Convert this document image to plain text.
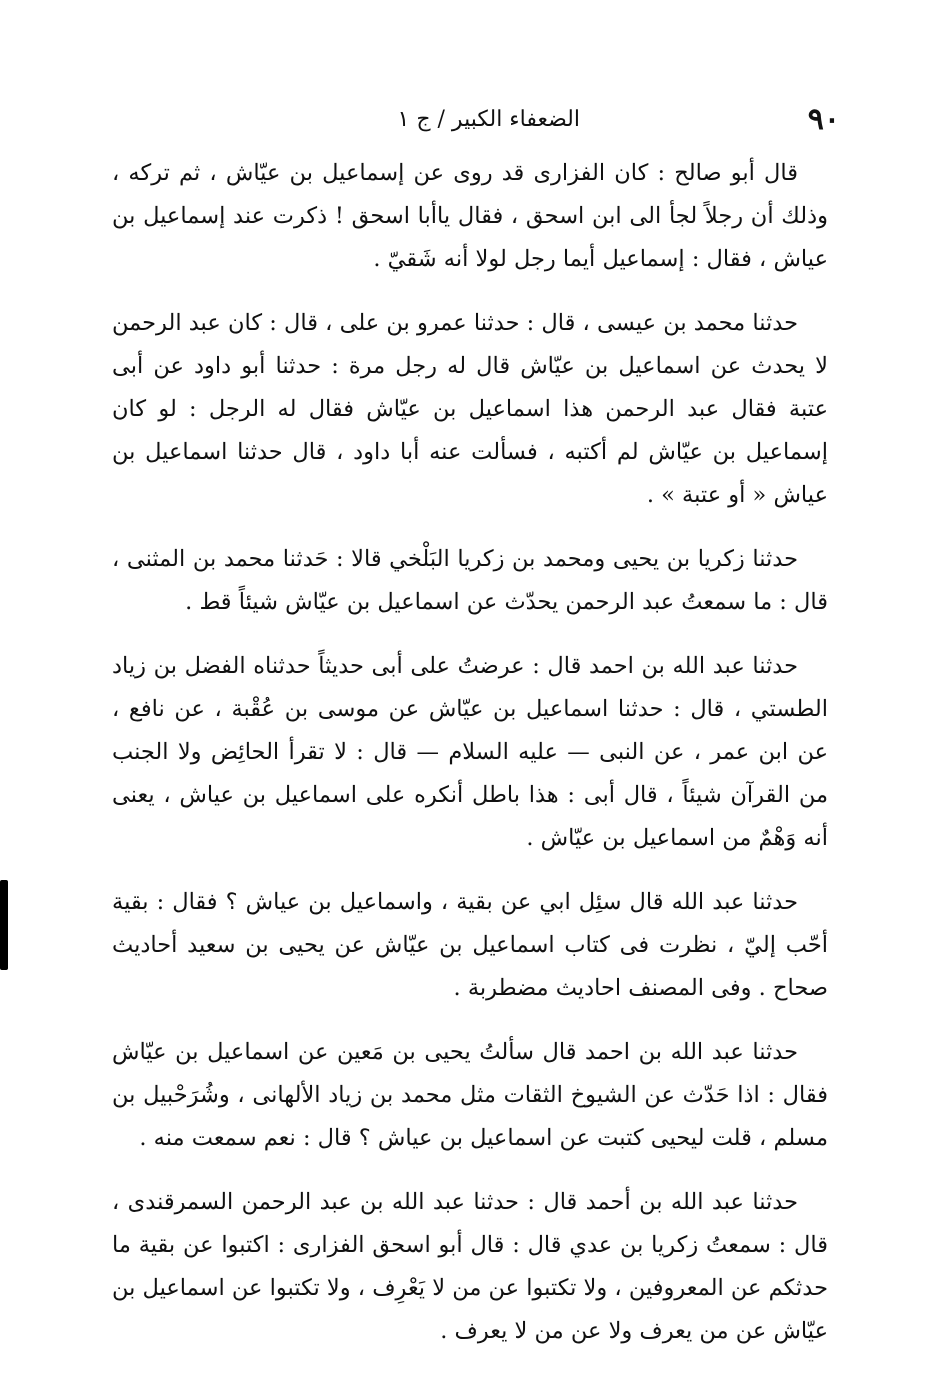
٩٠
الضعفاء الكبير / ج ١

قال أبو صالح : كان الفزارى قد روى عن إسماعيل بن عيّاش ، ثم تركه ، وذلك أن رجلاً لجأ الى ابن اسحق ، فقال ياأبا اسحق ! ذكرت عند إسماعيل بن عياش ، فقال : إسماعيل أيما رجل لولا أنه شَقيّ .

حدثنا محمد بن عيسى ، قال : حدثنا عمرو بن على ، قال : كان عبد الرحمن لا يحدث عن اسماعيل بن عيّاش قال له رجل مرة : حدثنا أبو داود عن أبى عتبة فقال عبد الرحمن هذا اسماعيل بن عيّاش فقال له الرجل : لو كان إسماعيل بن عيّاش لم أكتبه ، فسألت عنه أبا داود ، قال حدثنا اسماعيل بن عياش « أو عتبة » .

حدثنا زكريا بن يحيى ومحمد بن زكريا البَلْخي قالا : حَدثنا محمد بن المثنى ، قال : ما سمعتُ عبد الرحمن يحدّث عن اسماعيل بن عيّاش شيئاً قط .

حدثنا عبد الله بن احمد قال : عرضتُ على أبى حديثاً حدثناه الفضل بن زياد الطستي ، قال : حدثنا اسماعيل بن عيّاش عن موسى بن عُقْبة ، عن نافع ، عن ابن عمر ، عن النبى — عليه السلام — قال : لا تقرأ الحائِض ولا الجنب من القرآن شيئاً ، قال أبى : هذا باطل أنكره على اسماعيل بن عياش ، يعنى أنه وَهْمٌ من اسماعيل بن عيّاش .

حدثنا عبد الله قال سئِل ابي عن بقية ، واسماعيل بن عياش ؟ فقال : بقية أحّب إليّ ، نظرت فى كتاب اسماعيل بن عيّاش عن يحيى بن سعيد أحاديث صحاح . وفى المصنف احاديث مضطربة .

حدثنا عبد الله بن احمد قال سألتُ يحيى بن مَعين عن اسماعيل بن عيّاش فقال : اذا حَدّث عن الشيوخ الثقات مثل محمد بن زياد الألهانى ، وشُرَحْبيل بن مسلم ، قلت ليحيى كتبت عن اسماعيل بن عياش ؟ قال : نعم سمعت منه .

حدثنا عبد الله بن أحمد قال : حدثنا عبد الله بن عبد الرحمن السمرقندى ، قال : سمعتُ زكريا بن عدي قال : قال أبو اسحق الفزارى : اكتبوا عن بقية ما حدثكم عن المعروفين ، ولا تكتبوا عن من لا يَعْرِف ، ولا تكتبوا عن اسماعيل بن عيّاش عن من يعرف ولا عن من لا يعرف .
